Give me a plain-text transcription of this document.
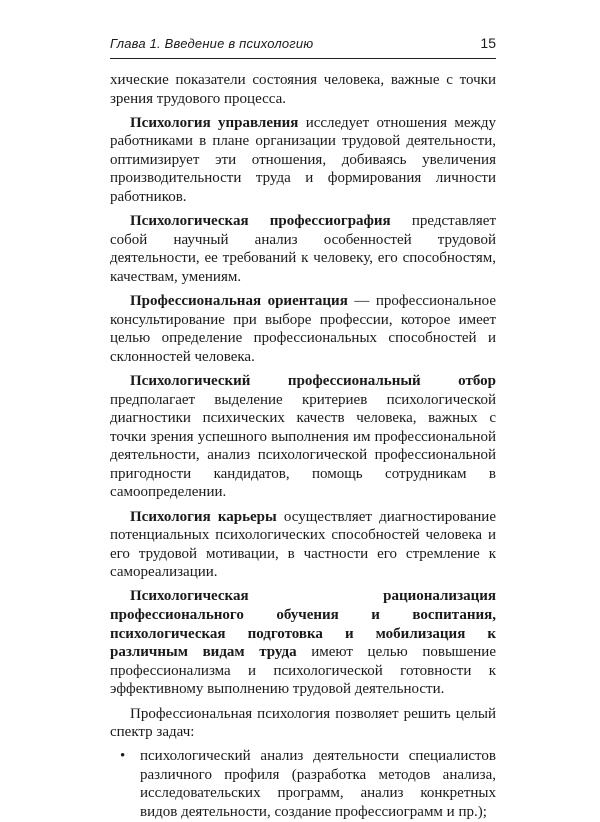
Глава 1. Введение в психологию	15

хические показатели состояния человека, важные с точки зрения трудового процесса.

Психология управления исследует отношения между работниками в плане организации трудовой деятельности, оптимизирует эти отношения, добиваясь увеличения производительности труда и формирования личности работников.

Психологическая профессиография представляет собой научный анализ особенностей трудовой деятельности, ее требований к человеку, его способностям, качествам, умениям.

Профессиональная ориентация — профессиональное консультирование при выборе профессии, которое имеет целью определение профессиональных способностей и склонностей человека.

Психологический профессиональный отбор предполагает выделение критериев психологической диагностики психических качеств человека, важных с точки зрения успешного выполнения им профессиональной деятельности, анализ психологической профессиональной пригодности кандидатов, помощь сотрудникам в самоопределении.

Психология карьеры осуществляет диагностирование потенциальных психологических способностей человека и его трудовой мотивации, в частности его стремление к самореализации.

Психологическая рационализация профессионального обучения и воспитания, психологическая подготовка и мобилизация к различным видам труда имеют целью повышение профессионализма и психологической готовности к эффективному выполнению трудовой деятельности.

Профессиональная психология позволяет решить целый спектр задач:

• психологический анализ деятельности специалистов различного профиля (разработка методов анализа, исследовательских программ, анализ конкретных видов деятельности, создание профессиограмм и пр.);
